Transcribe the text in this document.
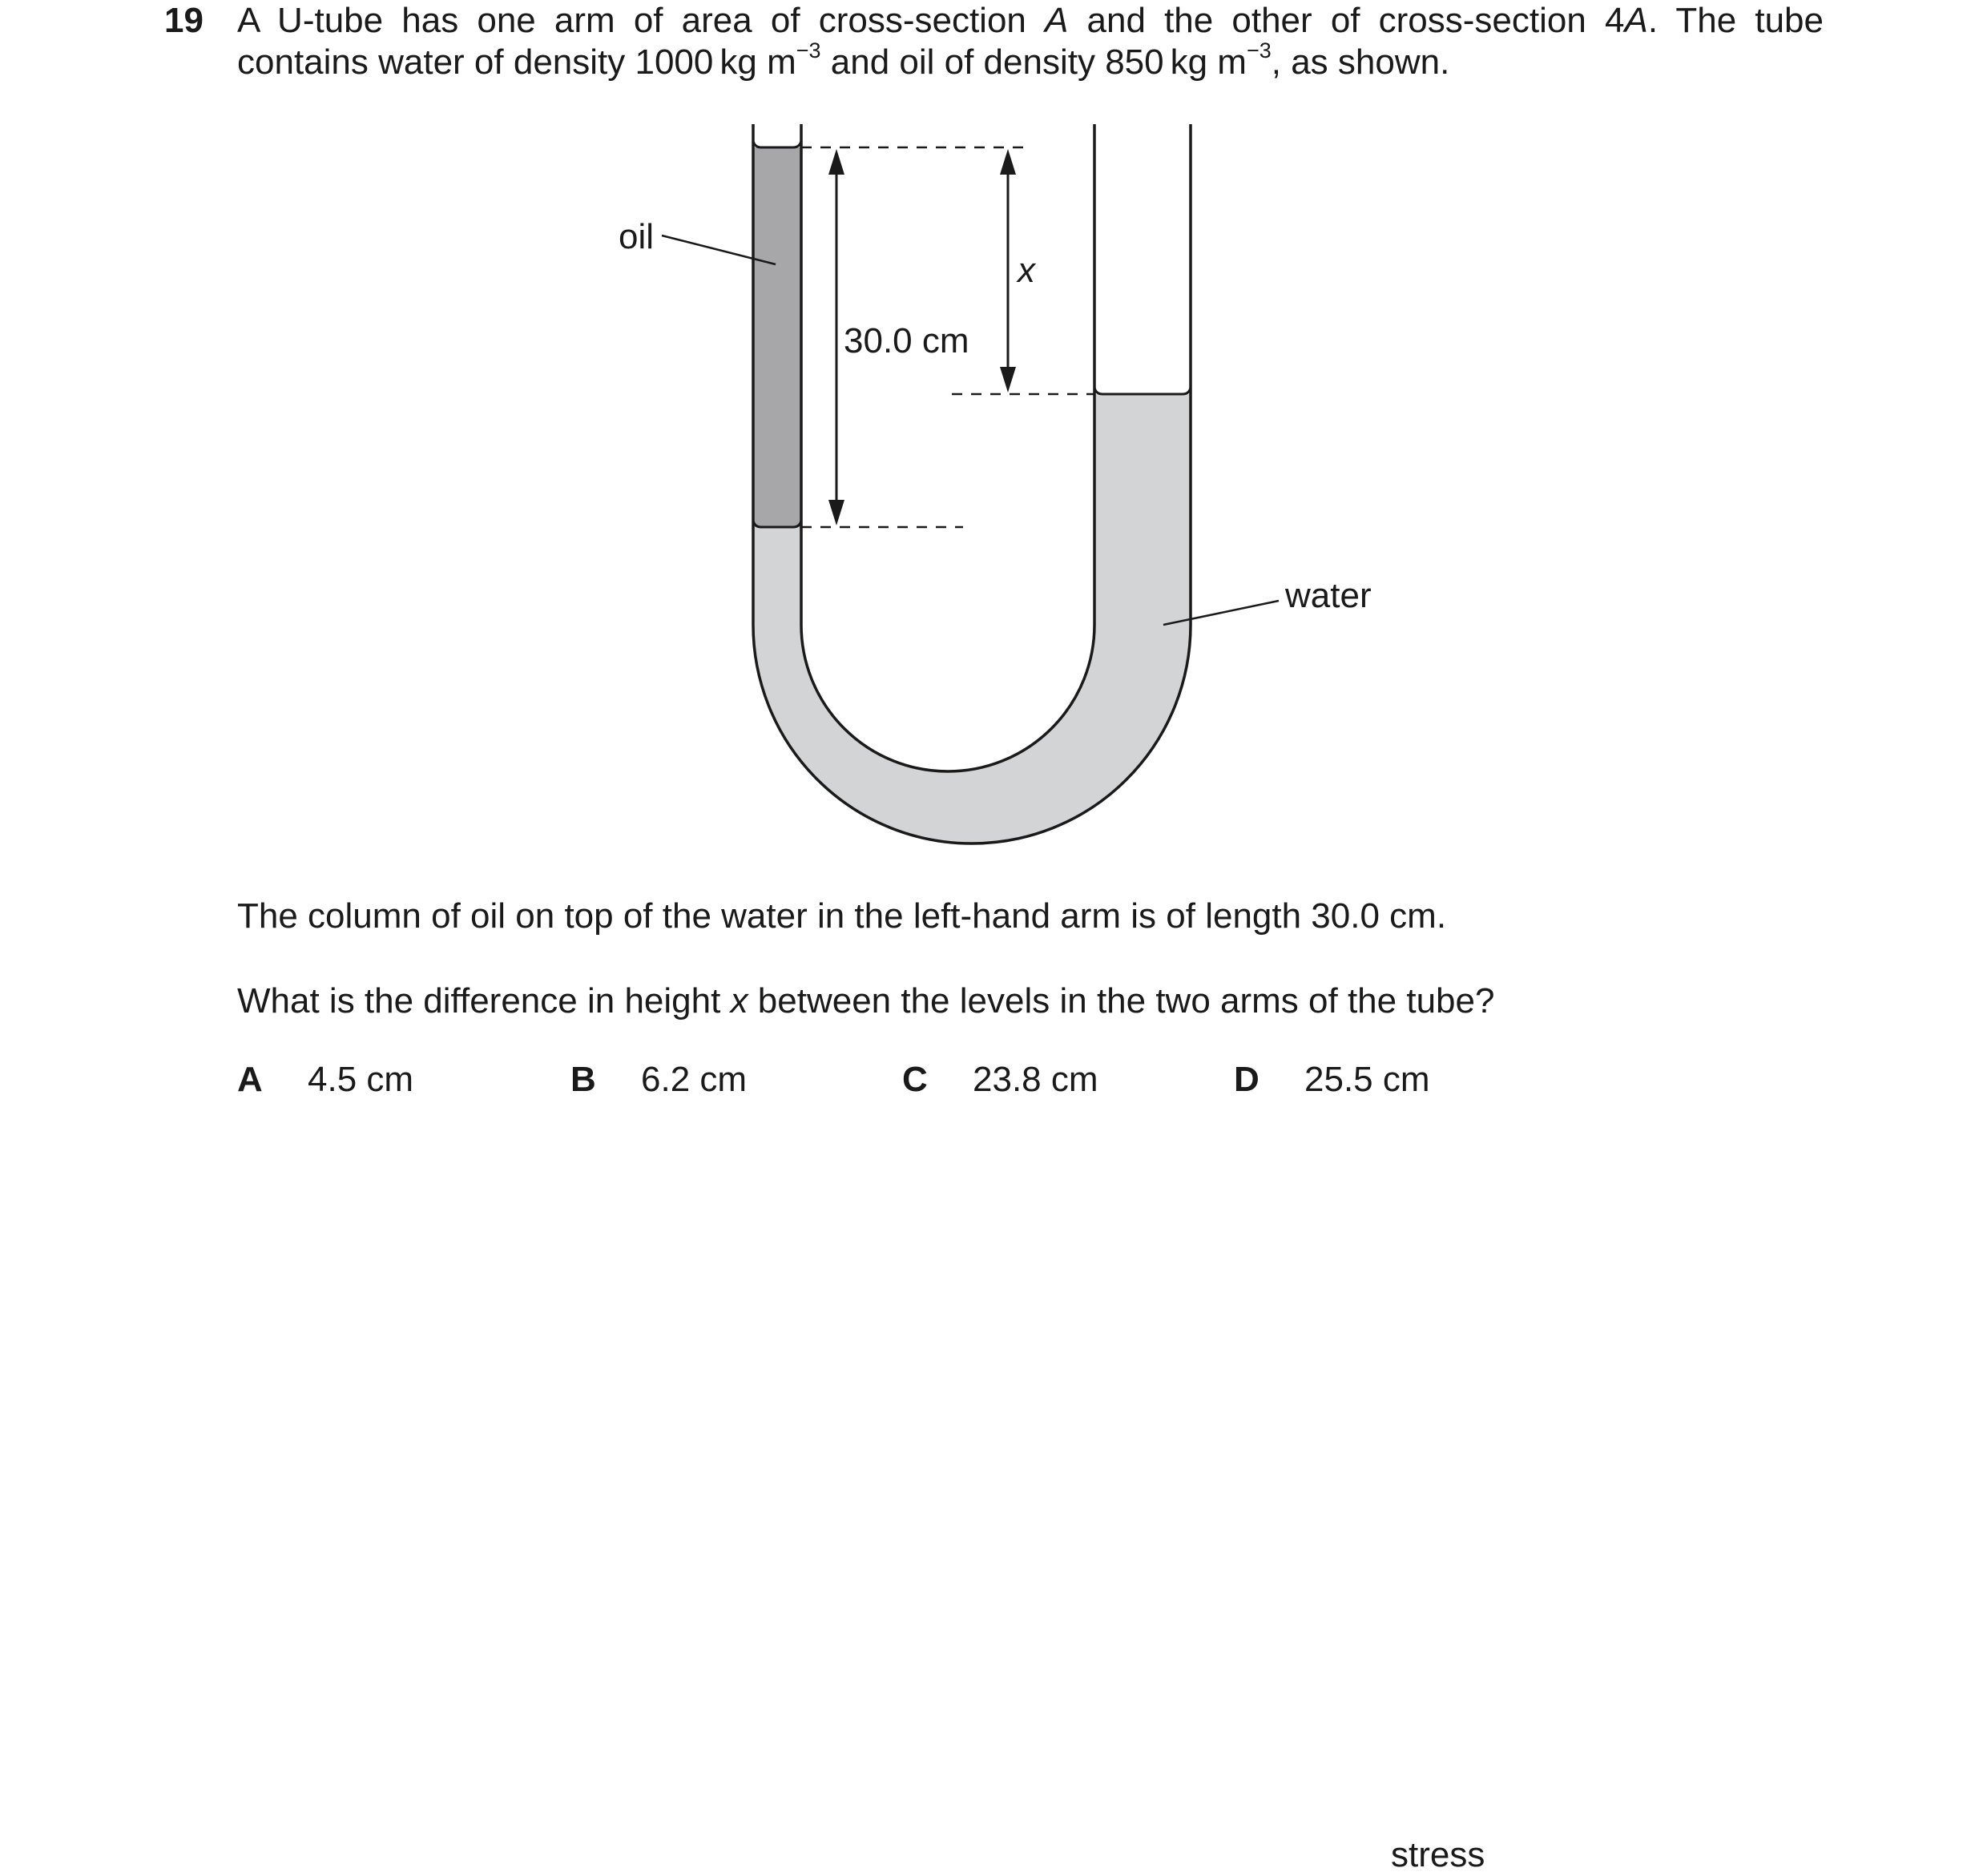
19 A U-tube has one arm of area of cross-section A and the other of cross-section 4A. The tube
contains water of density 1000 kg $m^{-3}$ and oil of density 850 kg $m^{-3}$, as shown.
oil
water
30.0 cm
x
The column of oil on top of the water in the left-hand arm is of length 30.0 cm.
What is the difference in height x between the levels in the two arms of the tube?
A 4.5 cm	B 6.2 cm	C 23.8 cm	D 25.5 cm
stress
